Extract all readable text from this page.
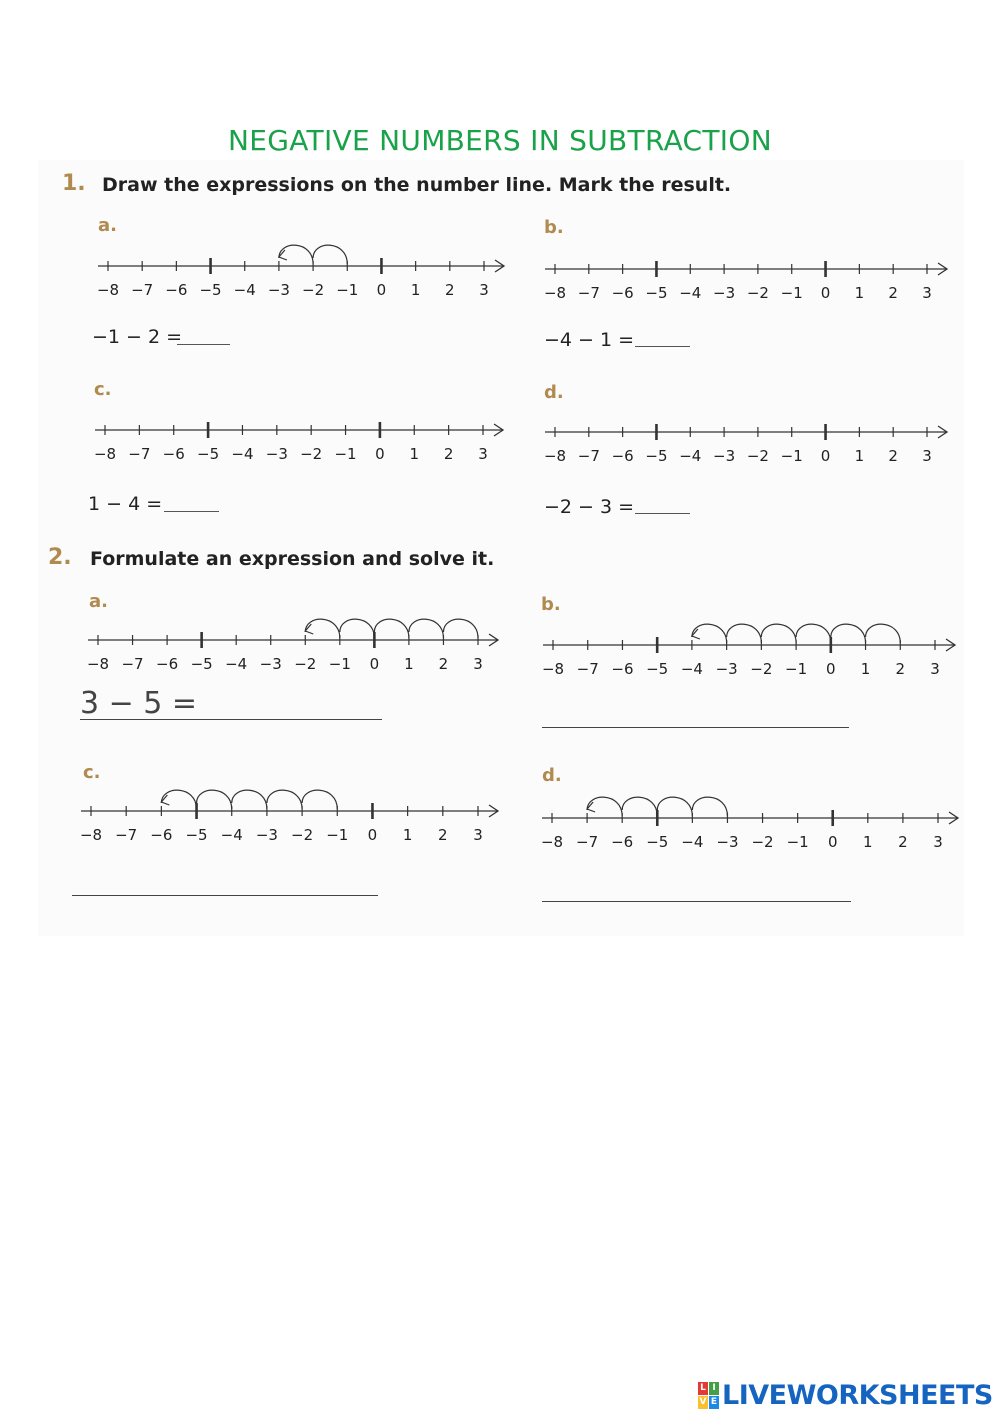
NEGATIVE NUMBERS IN SUBTRACTION
1. Draw the expressions on the number line. Mark the result.
a.	b.
c.	d.
−8 −7 −6 −5 −4 −3 −2 −1 0 1 2 3	−8 −7 −6 −5 −4 −3 −2 −1 0 1 2 3
−8 −7 −6 −5 −4 −3 −2 −1 0 1 2 3	−8 −7 −6 −5 −4 −3 −2 −1 0 1 2 3
−1 − 2 =	−4 − 1 =
1 − 4 =	−2 − 3 =
2. Formulate an expression and solve it.
a.	b.
c.	d.
−8 −7 −6 −5 −4 −3 −2 −1 0 1 2 3	−8 −7 −6 −5 −4 −3 −2 −1 0 1 2 3
−8 −7 −6 −5 −4 −3 −2 −1 0 1 2 3	−8 −7 −6 −5 −4 −3 −2 −1 0 1 2 3
3 − 5 =
L I
V E LIVEWORKSHEETS
